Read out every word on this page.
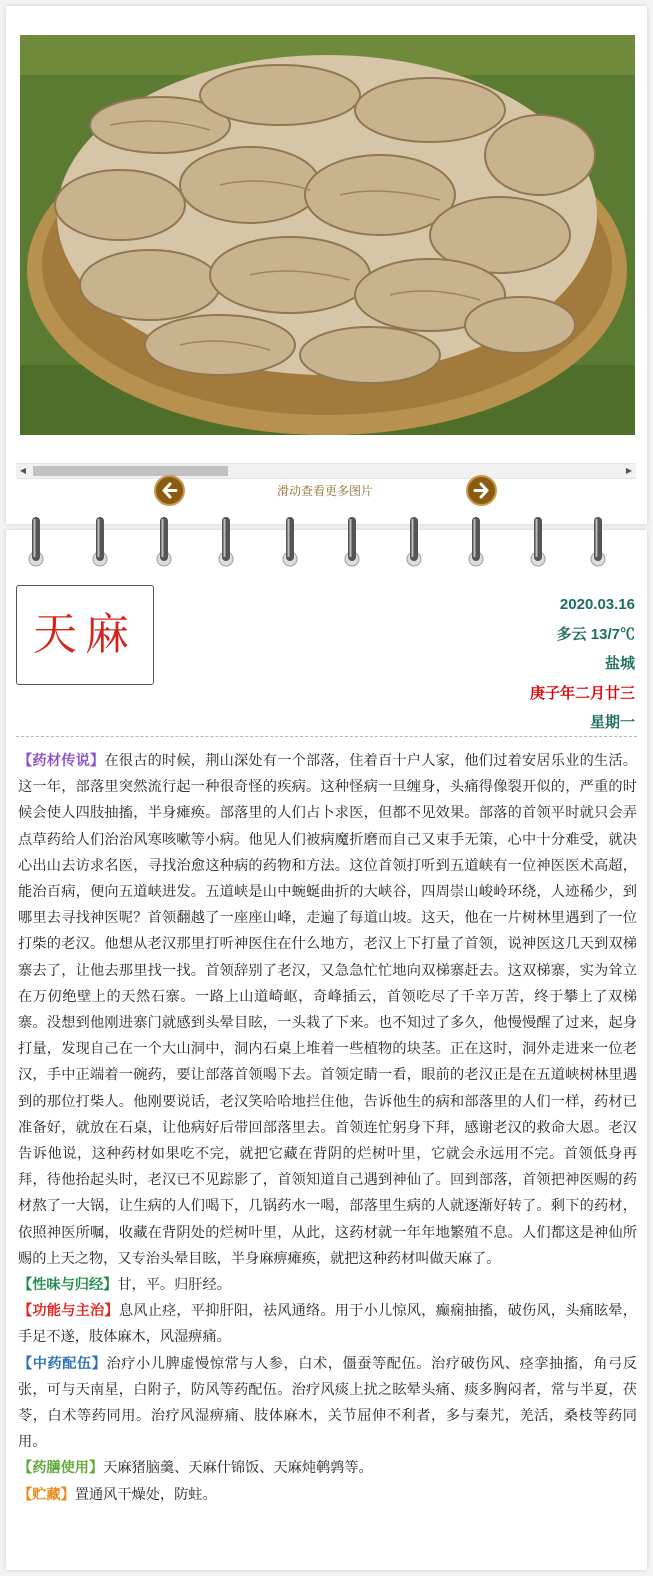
◀	▶
滑动查看更多图片
天麻
2020.03.16
多云 13/7℃
盐城
庚子年二月廿三
星期一

【药材传说】在很古的时候，荆山深处有一个部落，住着百十户人家，他们过着安居乐业的生活。这一年，部落里突然流行起一种很奇怪的疾病。这种怪病一旦缠身，头痛得像裂开似的，严重的时候会使人四肢抽搐，半身瘫痪。部落里的人们占卜求医，但都不见效果。部落的首领平时就只会弄点草药给人们治治风寒咳嗽等小病。他见人们被病魔折磨而自己又束手无策，心中十分难受，就决心出山去访求名医，寻找治愈这种病的药物和方法。这位首领打听到五道峡有一位神医医术高超，能治百病，便向五道峡进发。五道峡是山中蜿蜒曲折的大峡谷，四周崇山峻岭环绕，人迹稀少，到哪里去寻找神医呢？首领翻越了一座座山峰，走遍了每道山坡。这天，他在一片树林里遇到了一位打柴的老汉。他想从老汉那里打听神医住在什么地方，老汉上下打量了首领，说神医这几天到双梯寨去了，让他去那里找一找。首领辞别了老汉，又急急忙忙地向双梯寨赶去。这双梯寨，实为耸立在万仞绝壁上的天然石寨。一路上山道崎岖，奇峰插云，首领吃尽了千辛万苦，终于攀上了双梯寨。没想到他刚进寨门就感到头晕目眩，一头栽了下来。也不知过了多久，他慢慢醒了过来，起身打量，发现自己在一个大山洞中，洞内石桌上堆着一些植物的块茎。正在这时，洞外走进来一位老汉，手中正端着一碗药，要让部落首领喝下去。首领定睛一看，眼前的老汉正是在五道峡树林里遇到的那位打柴人。他刚要说话，老汉笑哈哈地拦住他，告诉他生的病和部落里的人们一样，药材已准备好，就放在石桌，让他病好后带回部落里去。首领连忙躬身下拜，感谢老汉的救命大恩。老汉告诉他说，这种药材如果吃不完，就把它藏在背阴的烂树叶里，它就会永远用不完。首领低身再拜，待他抬起头时，老汉已不见踪影了，首领知道自己遇到神仙了。回到部落，首领把神医赐的药材熬了一大锅，让生病的人们喝下，几锅药水一喝，部落里生病的人就逐渐好转了。剩下的药材，依照神医所嘱，收藏在背阴处的烂树叶里，从此，这药材就一年年地繁殖不息。人们都这是神仙所赐的上天之物，又专治头晕目眩，半身麻痹瘫痪，就把这种药材叫做天麻了。

【性味与归经】甘，平。归肝经。

【功能与主治】息风止痉，平抑肝阳，祛风通络。用于小儿惊风，癫痫抽搐，破伤风，头痛眩晕，手足不遂，肢体麻木，风湿痹痛。

【中药配伍】治疗小儿脾虚慢惊常与人参，白术，僵蚕等配伍。治疗破伤风、痉挛抽搐，角弓反张，可与天南星，白附子，防风等药配伍。治疗风痰上扰之眩晕头痛、痰多胸闷者，常与半夏，茯苓，白术等药同用。治疗风湿痹痛、肢体麻木，关节屈伸不利者，多与秦艽，羌活，桑枝等药同用。

【药膳使用】天麻猪脑羹、天麻什锦饭、天麻炖鹌鹑等。

【贮藏】置通风干燥处，防蛀。
